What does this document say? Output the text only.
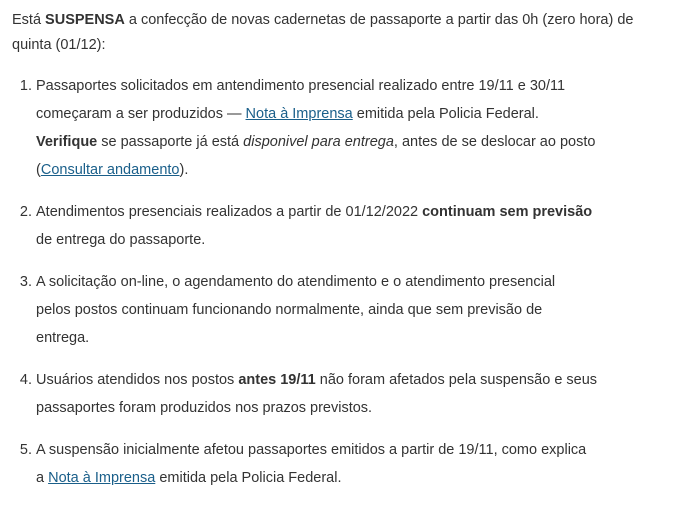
Está SUSPENSA a confecção de novas cadernetas de passaporte a partir das 0h (zero hora) de quinta (01/12):

1. Passaportes solicitados em antendimento presencial realizado entre 19/11 e 30/11
começaram a ser produzidos — Nota à Imprensa emitida pela Policia Federal.
Verifique se passaporte já está disponivel para entrega, antes de se deslocar ao posto
(Consultar andamento).
2. Atendimentos presenciais realizados a partir de 01/12/2022 continuam sem previsão
de entrega do passaporte.
3. A solicitação on-line, o agendamento do atendimento e o atendimento presencial
pelos postos continuam funcionando normalmente, ainda que sem previsão de
entrega.
4. Usuários atendidos nos postos antes 19/11 não foram afetados pela suspensão e seus
passaportes foram produzidos nos prazos previstos.
5. A suspensão inicialmente afetou passaportes emitidos a partir de 19/11, como explica
a Nota à Imprensa emitida pela Policia Federal.
